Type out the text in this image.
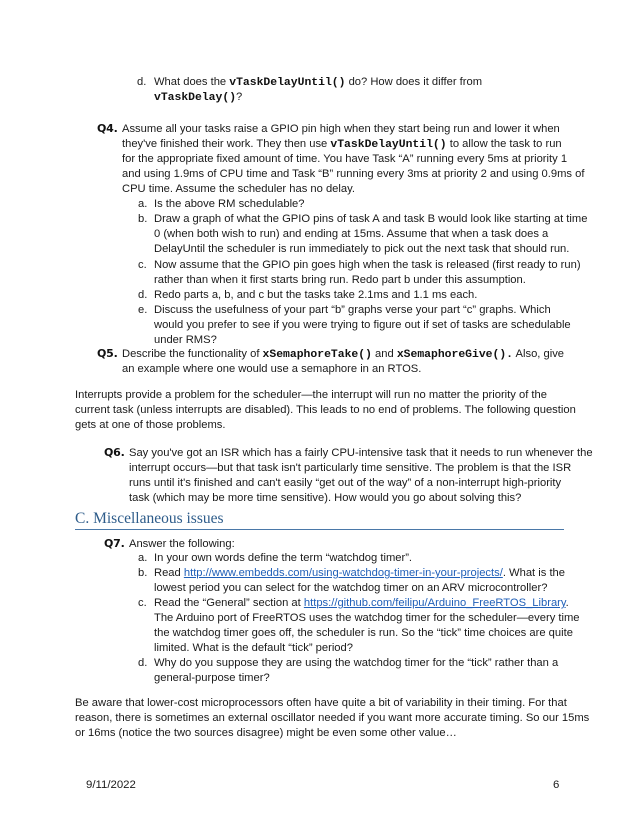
d. What does the vTaskDelayUntil() do? How does it differ from
vTaskDelay()?
Q4. Assume all your tasks raise a GPIO pin high when they start being run and lower it when
they've finished their work. They then use vTaskDelayUntil() to allow the task to run
for the appropriate fixed amount of time. You have Task “A” running every 5ms at priority 1
and using 1.9ms of CPU time and Task “B” running every 3ms at priority 2 and using 0.9ms of
CPU time. Assume the scheduler has no delay.
a. Is the above RM schedulable?
b. Draw a graph of what the GPIO pins of task A and task B would look like starting at time
0 (when both wish to run) and ending at 15ms. Assume that when a task does a
DelayUntil the scheduler is run immediately to pick out the next task that should run.
c. Now assume that the GPIO pin goes high when the task is released (first ready to run)
rather than when it first starts bring run. Redo part b under this assumption.
d. Redo parts a, b, and c but the tasks take 2.1ms and 1.1 ms each.
e. Discuss the usefulness of your part “b” graphs verse your part “c” graphs. Which
would you prefer to see if you were trying to figure out if set of tasks are schedulable
under RMS?
Q5. Describe the functionality of xSemaphoreTake() and xSemaphoreGive(). Also, give
an example where one would use a semaphore in an RTOS.
Interrupts provide a problem for the scheduler—the interrupt will run no matter the priority of the
current task (unless interrupts are disabled). This leads to no end of problems. The following question
gets at one of those problems.
Q6. Say you've got an ISR which has a fairly CPU-intensive task that it needs to run whenever the
interrupt occurs—but that task isn't particularly time sensitive. The problem is that the ISR
runs until it's finished and can't easily “get out of the way” of a non-interrupt high-priority
task (which may be more time sensitive). How would you go about solving this?
C. Miscellaneous issues
Q7. Answer the following:
a. In your own words define the term “watchdog timer”.
b. Read http://www.embedds.com/using-watchdog-timer-in-your-projects/. What is the
lowest period you can select for the watchdog timer on an ARV microcontroller?
c. Read the “General” section at https://github.com/feilipu/Arduino_FreeRTOS_Library.
The Arduino port of FreeRTOS uses the watchdog timer for the scheduler—every time
the watchdog timer goes off, the scheduler is run. So the “tick” time choices are quite
limited. What is the default “tick” period?
d. Why do you suppose they are using the watchdog timer for the “tick” rather than a
general-purpose timer?
Be aware that lower-cost microprocessors often have quite a bit of variability in their timing. For that
reason, there is sometimes an external oscillator needed if you want more accurate timing. So our 15ms
or 16ms (notice the two sources disagree) might be even some other value…
9/11/2022	6
